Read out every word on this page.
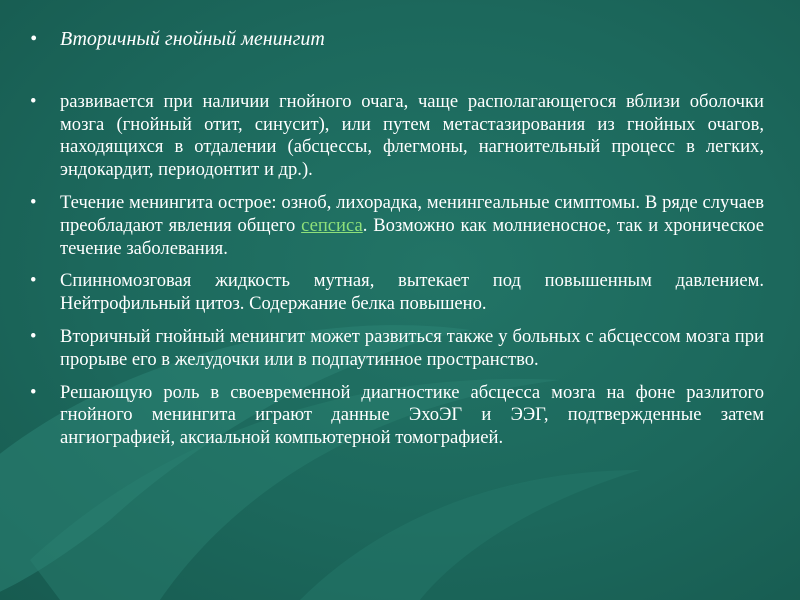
• Вторичный гнойный менингит
• развивается при наличии гнойного очага, чаще располагающегося вблизи оболочки мозга (гнойный отит, синусит), или путем метастазирования из гнойных очагов, находящихся в отдалении (абсцессы, флегмоны, нагноительный процесс в легких, эндокардит, периодонтит и др.).
• Течение менингита острое: озноб, лихорадка, менингеальные симптомы. В ряде случаев преобладают явления общего сепсиса. Возможно как молниеносное, так и хроническое течение заболевания.
• Спинномозговая жидкость мутная, вытекает под повышенным давлением. Нейтрофильный цитоз. Содержание белка повышено.
• Вторичный гнойный менингит может развиться также у больных с абсцессом мозга при прорыве его в желудочки или в подпаутинное пространство.
• Решающую роль в своевременной диагностике абсцесса мозга на фоне разлитого гнойного менингита играют данные ЭхоЭГ и ЭЭГ, подтвержденные затем ангиографией, аксиальной компьютерной томографией.
